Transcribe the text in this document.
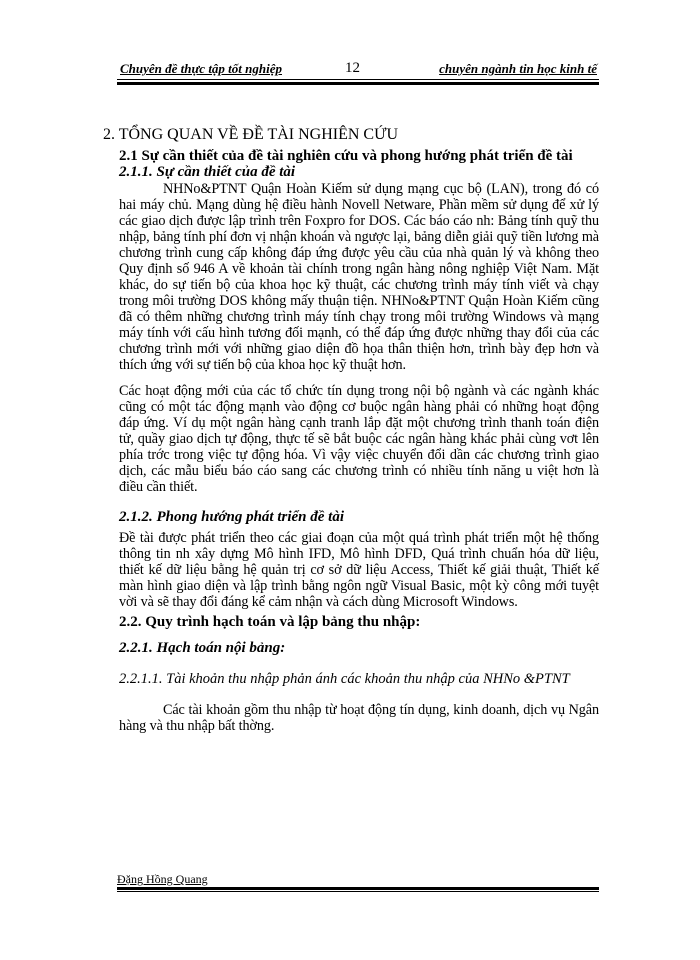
Chuyên đề thực tập tốt nghiệp	12	chuyên ngành tin học kinh tế
2. TỔNG QUAN VỀ ĐỀ TÀI NGHIÊN CỨU
2.1 Sự cần thiết của đề tài nghiên cứu và phong hướng phát triển đề tài
2.1.1. Sự cần thiết của đề tài
NHNo&PTNT Quận Hoàn Kiếm sử dụng mạng cục bộ (LAN), trong đó có hai máy chủ. Mạng dùng hệ điều hành Novell Netware, Phần mềm sử dụng để xử lý các giao dịch được lập trình trên Foxpro for DOS. Các báo cáo nh: Bảng tính quỹ thu nhập, bảng tính phí đơn vị nhận khoán và ngược lại, bảng diễn giải quỹ tiền lương mà chương trình cung cấp không đáp ứng được yêu cầu của nhà quản lý và không theo Quy định số 946 A về khoản tài chính trong ngân hàng nông nghiệp Việt Nam. Mặt khác, do sự tiến bộ của khoa học kỹ thuật, các chương trình máy tính viết và chạy trong môi trường DOS không mấy thuận tiện. NHNo&PTNT Quận Hoàn Kiếm cũng đã có thêm những chương trình máy tính chạy trong môi trường Windows và mạng máy tính với cấu hình tương đối mạnh, có thể đáp ứng được những thay đổi của các chương trình mới với những giao diện đồ họa thân thiện hơn, trình bày đẹp hơn và thích ứng với sự tiến bộ của khoa học kỹ thuật hơn.
Các hoạt động mới của các tổ chức tín dụng trong nội bộ ngành và các ngành khác cũng có một tác động mạnh vào động cơ buộc ngân hàng phải có những hoạt động đáp ứng. Ví dụ một ngân hàng cạnh tranh lắp đặt một chương trình thanh toán điện tử, quầy giao dịch tự động, thực tế sẽ bắt buộc các ngân hàng khác phải cùng vơt lên phía trớc trong việc tự động hóa. Vì vậy việc chuyển đổi dần các chương trình giao dịch, các mẫu biểu báo cáo sang các chương trình có nhiều tính năng u việt hơn là điều cần thiết.
2.1.2. Phong hướng phát triển đề tài
Đề tài được phát triển theo các giai đoạn của một quá trình phát triển một hệ thống thông tin nh xây dựng Mô hình IFD, Mô hình DFD, Quá trình chuẩn hóa dữ liệu, thiết kế dữ liệu bằng hệ quản trị cơ sở dữ liệu Access, Thiết kế giải thuật, Thiết kế màn hình giao diện và lập trình bằng ngôn ngữ Visual Basic, một kỳ công mới tuyệt vời và sẽ thay đổi đáng kể cảm nhận và cách dùng Microsoft Windows.
2.2. Quy trình hạch toán và lập bảng thu nhập:
2.2.1. Hạch toán nội bảng:
2.2.1.1. Tài khoản thu nhập phản ánh các khoản thu nhập của NHNo &PTNT
Các tài khoản gồm thu nhập từ hoạt động tín dụng, kinh doanh, dịch vụ Ngân hàng và thu nhập bất thờng.
Đặng Hồng Quang
